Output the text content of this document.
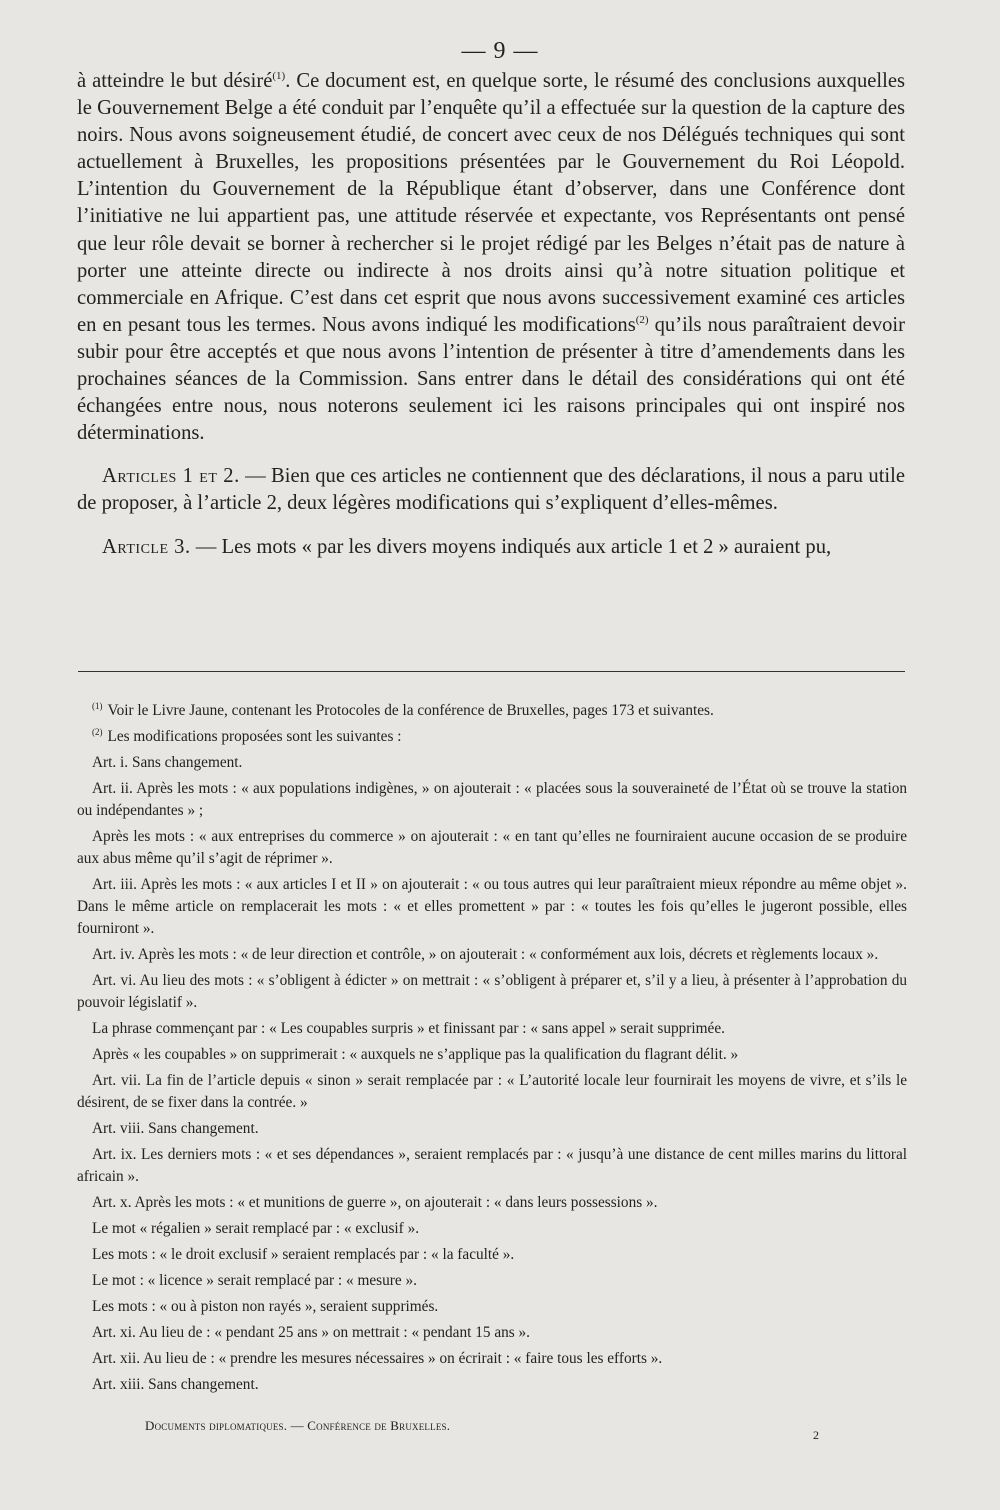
— 9 —

à atteindre le but désiré$^{(1)}$. Ce document est, en quelque sorte, le résumé des conclusions auxquelles le Gouvernement Belge a été conduit par l’enquête qu’il a effectuée sur la question de la capture des noirs. Nous avons soigneusement étudié, de concert avec ceux de nos Délégués techniques qui sont actuellement à Bruxelles, les propositions présentées par le Gouvernement du Roi Léopold. L’intention du Gouvernement de la République étant d’observer, dans une Conférence dont l’initiative ne lui appartient pas, une attitude réservée et expectante, vos Représentants ont pensé que leur rôle devait se borner à rechercher si le projet rédigé par les Belges n’était pas de nature à porter une atteinte directe ou indirecte à nos droits ainsi qu’à notre situation politique et commerciale en Afrique. C’est dans cet esprit que nous avons successivement examiné ces articles en en pesant tous les termes. Nous avons indiqué les modifications$^{(2)}$ qu’ils nous paraîtraient devoir subir pour être acceptés et que nous avons l’intention de présenter à titre d’amendements dans les prochaines séances de la Commission. Sans entrer dans le détail des considérations qui ont été échangées entre nous, nous noterons seulement ici les raisons principales qui ont inspiré nos déterminations.

Articles 1 et 2. — Bien que ces articles ne contiennent que des déclarations, il nous a paru utile de proposer, à l’article 2, deux légères modifications qui s’expliquent d’elles-mêmes.

Article 3. — Les mots « par les divers moyens indiqués aux article 1 et 2 » auraient pu,

$^{(1)}$ Voir le Livre Jaune, contenant les Protocoles de la conférence de Bruxelles, pages 173 et suivantes.

$^{(2)}$ Les modifications proposées sont les suivantes :

Art. i. Sans changement.

Art. ii. Après les mots : « aux populations indigènes, » on ajouterait : « placées sous la souveraineté de l’État où se trouve la station ou indépendantes » ;

Après les mots : « aux entreprises du commerce » on ajouterait : « en tant qu’elles ne fourniraient aucune occasion de se produire aux abus même qu’il s’agit de réprimer ».

Art. iii. Après les mots : « aux articles I et II » on ajouterait : « ou tous autres qui leur paraîtraient mieux répondre au même objet ». Dans le même article on remplacerait les mots : « et elles promettent » par : « toutes les fois qu’elles le jugeront possible, elles fourniront ».

Art. iv. Après les mots : « de leur direction et contrôle, » on ajouterait : « conformément aux lois, décrets et règlements locaux ».

Art. vi. Au lieu des mots : « s’obligent à édicter » on mettrait : « s’obligent à préparer et, s’il y a lieu, à présenter à l’approbation du pouvoir législatif ».

La phrase commençant par : « Les coupables surpris » et finissant par : « sans appel » serait supprimée.

Après « les coupables » on supprimerait : « auxquels ne s’applique pas la qualification du flagrant délit. »

Art. vii. La fin de l’article depuis « sinon » serait remplacée par : « L’autorité locale leur fournirait les moyens de vivre, et s’ils le désirent, de se fixer dans la contrée. »

Art. viii. Sans changement.

Art. ix. Les derniers mots : « et ses dépendances », seraient remplacés par : « jusqu’à une distance de cent milles marins du littoral africain ».

Art. x. Après les mots : « et munitions de guerre », on ajouterait : « dans leurs possessions ».

Le mot « régalien » serait remplacé par : « exclusif ».

Les mots : « le droit exclusif » seraient remplacés par : « la faculté ».

Le mot : « licence » serait remplacé par : « mesure ».

Les mots : « ou à piston non rayés », seraient supprimés.

Art. xi. Au lieu de : « pendant 25 ans » on mettrait : « pendant 15 ans ».

Art. xii. Au lieu de : « prendre les mesures nécessaires » on écrirait : « faire tous les efforts ».

Art. xiii. Sans changement.

Documents diplomatiques. — Conférence de Bruxelles.
2
